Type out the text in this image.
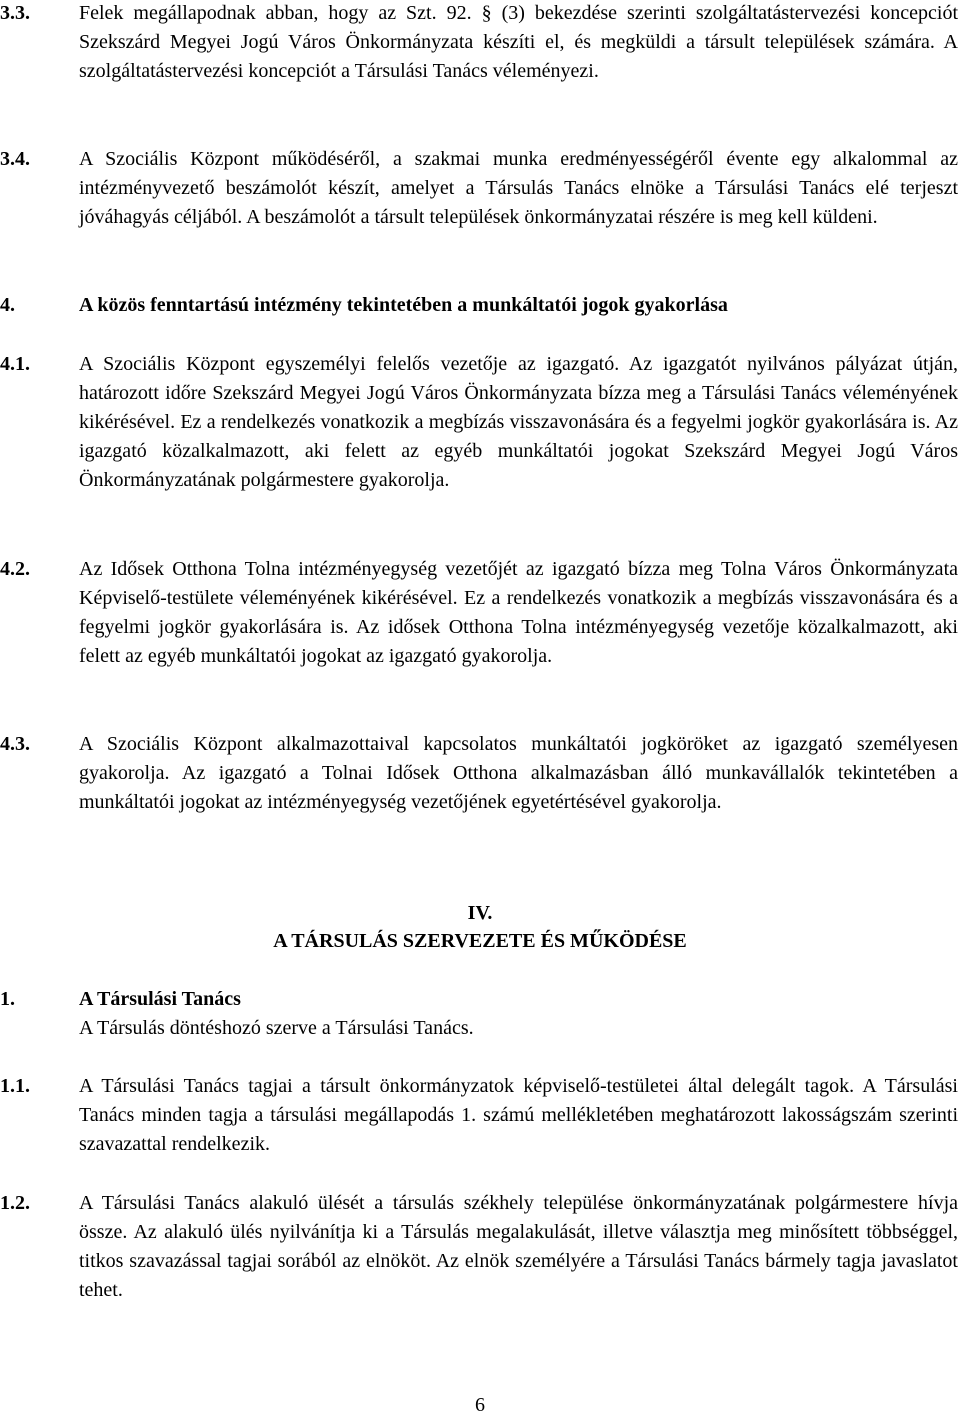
3.3.	Felek megállapodnak abban, hogy az Szt. 92. § (3) bekezdése szerinti szolgáltatástervezési koncepciót Szekszárd Megyei Jogú Város Önkormányzata készíti el, és megküldi a társult települések számára. A szolgáltatástervezési koncepciót a Társulási Tanács véleményezi.
3.4.	A Szociális Központ működéséről, a szakmai munka eredményességéről évente egy alkalommal az intézményvezető beszámolót készít, amelyet a Társulás Tanács elnöke a Társulási Tanács elé terjeszt jóváhagyás céljából. A beszámolót a társult települések önkormányzatai részére is meg kell küldeni.
4.	A közös fenntartású intézmény tekintetében a munkáltatói jogok gyakorlása
4.1.	A Szociális Központ egyszemélyi felelős vezetője az igazgató. Az igazgatót nyilvános pályázat útján, határozott időre Szekszárd Megyei Jogú Város Önkormányzata bízza meg a Társulási Tanács véleményének kikérésével. Ez a rendelkezés vonatkozik a megbízás visszavonására és a fegyelmi jogkör gyakorlására is. Az igazgató közalkalmazott, aki felett az egyéb munkáltatói jogokat Szekszárd Megyei Jogú Város Önkormányzatának polgármestere gyakorolja.
4.2.	Az Idősek Otthona Tolna intézményegység vezetőjét az igazgató bízza meg Tolna Város Önkormányzata Képviselő-testülete véleményének kikérésével. Ez a rendelkezés vonatkozik a megbízás visszavonására és a fegyelmi jogkör gyakorlására is. Az idősek Otthona Tolna intézményegység vezetője közalkalmazott, aki felett az egyéb munkáltatói jogokat az igazgató gyakorolja.
4.3.	A Szociális Központ alkalmazottaival kapcsolatos munkáltatói jogköröket az igazgató személyesen gyakorolja. Az igazgató a Tolnai Idősek Otthona alkalmazásban álló munkavállalók tekintetében a munkáltatói jogokat az intézményegység vezetőjének egyetértésével gyakorolja.
IV.
A TÁRSULÁS SZERVEZETE ÉS MŰKÖDÉSE
1.	A Társulási Tanács
A Társulás döntéshozó szerve a Társulási Tanács.
1.1.	A Társulási Tanács tagjai a társult önkormányzatok képviselő-testületei által delegált tagok. A Társulási Tanács minden tagja a társulási megállapodás 1. számú mellékletében meghatározott lakosságszám szerinti szavazattal rendelkezik.
1.2.	A Társulási Tanács alakuló ülését a társulás székhely települése önkormányzatának polgármestere hívja össze. Az alakuló ülés nyilvánítja ki a Társulás megalakulását, illetve választja meg minősített többséggel, titkos szavazással tagjai sorából az elnököt. Az elnök személyére a Társulási Tanács bármely tagja javaslatot tehet.
6
